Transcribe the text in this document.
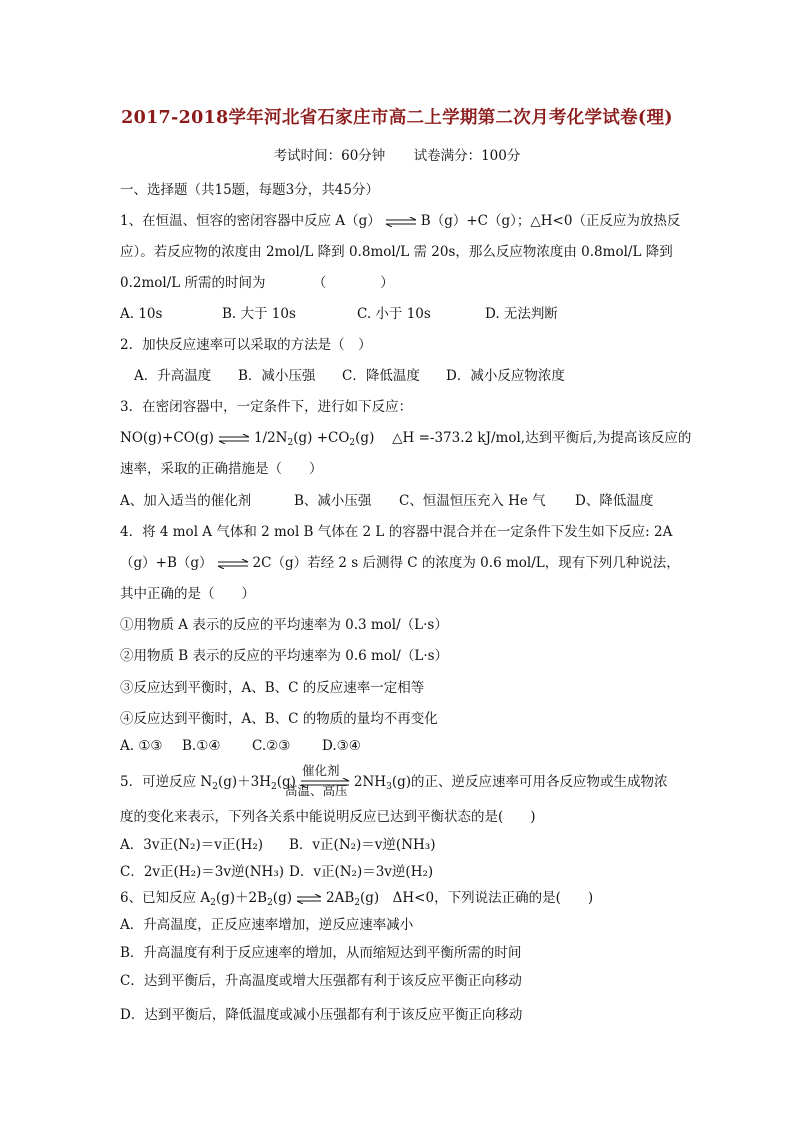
2017-2018学年河北省石家庄市高二上学期第二次月考化学试卷(理)
考试时间：60分钟 试卷满分：100分
一、选择题（共15题，每题3分，共45分）
1、在恒温、恒容的密闭容器中反应 A（g） ⇌ B（g）+C（g）；△H<0（正反应为放热反
应）。若反应物的浓度由 2mol/L 降到 0.8mol/L 需 20s，那么反应物浓度由 0.8mol/L 降到
0.2mol/L 所需的时间为　　　　（　　　　）
A. 10s	B. 大于 10s	C. 小于 10s	D. 无法判断
2．加快反应速率可以采取的方法是（　）
A．升高温度 B．减小压强 C．降低温度 D．减小反应物浓度
3．在密闭容器中，一定条件下，进行如下反应：
NO(g)+CO(g) ⇌ $1/2N_2(g) +CO_2(g)$　 △H =-373.2 kJ/mol,达到平衡后,为提高该反应的
速率，采取的正确措施是（　　）
A、加入适当的催化剂	B、减小压强 C、恒温恒压充入 He 气 D、降低温度
4．将 4 mol A 气体和 2 mol B 气体在 2 L 的容器中混合并在一定条件下发生如下反应: 2A
（g）+B（g） ⇌ 2C（g）若经 2 s 后测得 C 的浓度为 0.6 mol/L，现有下列几种说法，
其中正确的是（　　）
①用物质 A 表示的反应的平均速率为 0.3 mol/（L·s）
②用物质 B 表示的反应的平均速率为 0.6 mol/（L·s）
③反应达到平衡时，A、B、C 的反应速率一定相等
④反应达到平衡时，A、B、C 的物质的量均不再变化
A. ①③ B.①④ C.②③ D.③④
催化剂
5．可逆反应 $N_2(g)+3H_2(g)$ ⇌ $2NH_3(g)$的正、逆反应速率可用各反应物或生成物浓
高温、高压
度的变化来表示，下列各关系中能说明反应已达到平衡状态的是(　　)
A．3v正(N₂)＝v正(H₂) B．v正(N₂)＝v逆(NH₃)
C．2v正(H₂)＝3v逆(NH₃) D．v正(N₂)＝3v逆(H₂)
6、已知反应 $A_2(g)+2B_2(g)$ ⇌ $2AB_2(g)$　ΔH<0，下列说法正确的是(　　)
A．升高温度，正反应速率增加，逆反应速率减小
B．升高温度有利于反应速率的增加，从而缩短达到平衡所需的时间
C．达到平衡后，升高温度或增大压强都有利于该反应平衡正向移动
D．达到平衡后，降低温度或减小压强都有利于该反应平衡正向移动
